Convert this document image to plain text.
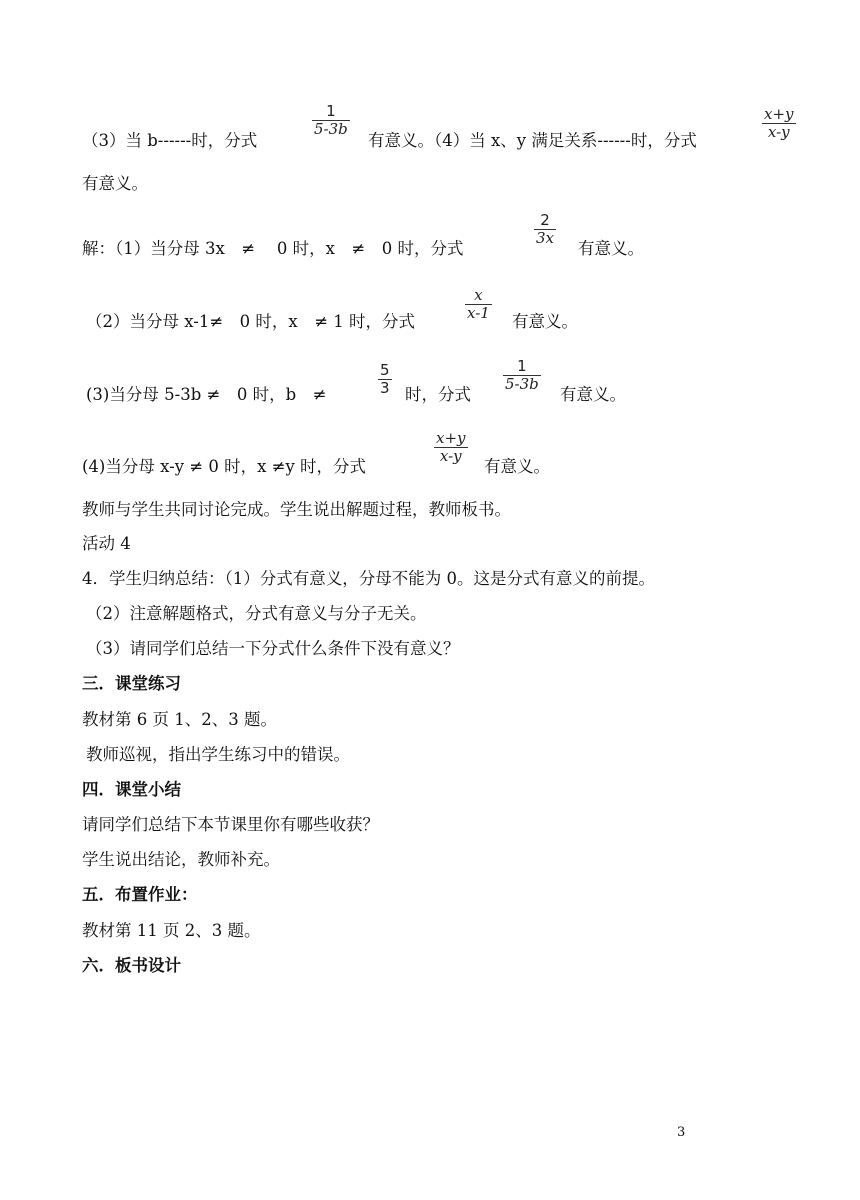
（3）当 b------时，分式
$\frac{1}{5-3b}$
有意义。（4）当 x、y 满足关系------时，分式	$\frac{x+y}{x-y}$
有意义。
解：（1）当分母 3x　≠　 0 时，x　≠　0 时，分式
$\frac{2}{3x}$
有意义。
（2）当分母 x-1≠　0 时，x　≠ 1 时，分式	$\frac{x}{x-1}$ 有意义。
(3)当分母 5-3b ≠　0 时，b　≠	$\frac{5}{3}$ 时，分式
$\frac{1}{5-3b}$
有意义。
(4)当分母 x-y ≠ 0 时，x ≠y 时，分式
$\frac{x+y}{x-y}$
有意义。
教师与学生共同讨论完成。学生说出解题过程，教师板书。
活动 4
4．学生归纳总结：（1）分式有意义，分母不能为 0。这是分式有意义的前提。
（2）注意解题格式，分式有意义与分子无关。
（3）请同学们总结一下分式什么条件下没有意义？
三．课堂练习
教材第 6 页 1、2、3 题。
教师巡视，指出学生练习中的错误。
四．课堂小结
请同学们总结下本节课里你有哪些收获？
学生说出结论，教师补充。
五．布置作业：
教材第 11 页 2、3 题。
六．板书设计
3
